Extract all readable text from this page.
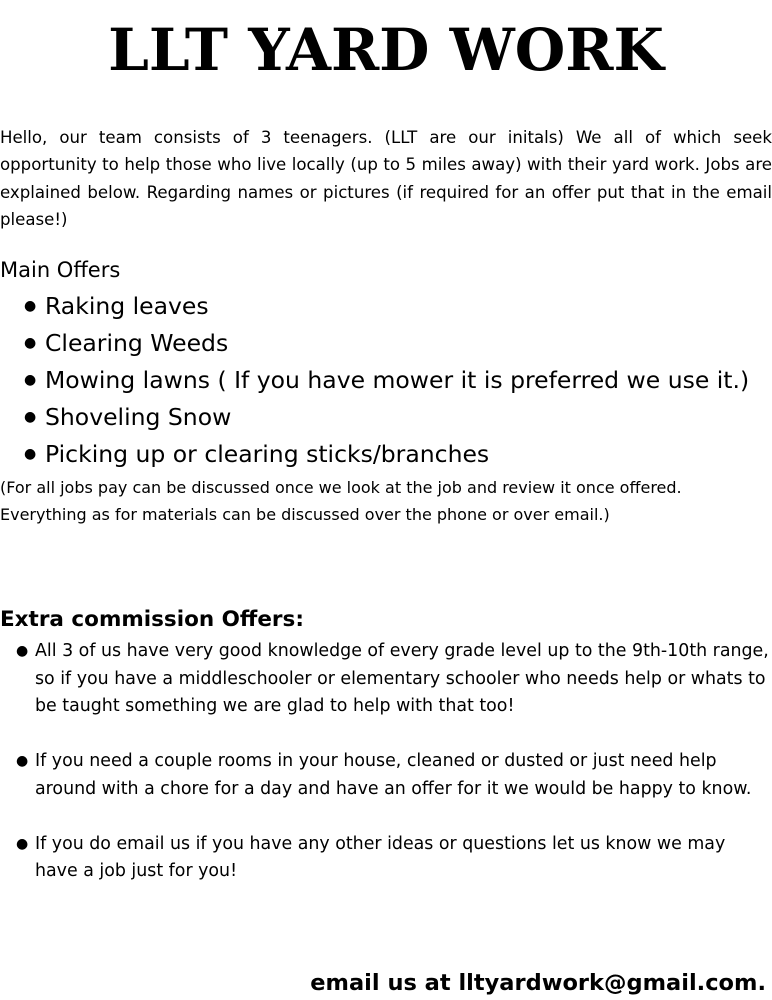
LLT YARD WORK

Hello, our team consists of 3 teenagers. (LLT are our initals) We all of which seek opportunity to help those who live locally (up to 5 miles away) with their yard work. Jobs are explained below. Regarding names or pictures (if required for an offer put that in the email please!)

Main Offers
● Raking leaves
● Clearing Weeds
● Mowing lawns ( If you have mower it is preferred we use it.)
● Shoveling Snow
● Picking up or clearing sticks/branches

(For all jobs pay can be discussed once we look at the job and review it once offered. Everything as for materials can be discussed over the phone or over email.)

Extra commission Offers:
● All 3 of us have very good knowledge of every grade level up to the 9th-10th range, so if you have a middleschooler or elementary schooler who needs help or whats to be taught something we are glad to help with that too!
● If you need a couple rooms in your house, cleaned or dusted or just need help around with a chore for a day and have an offer for it we would be happy to know.
● If you do email us if you have any other ideas or questions let us know we may have a job just for you!

email us at lltyardwork@gmail.com.
